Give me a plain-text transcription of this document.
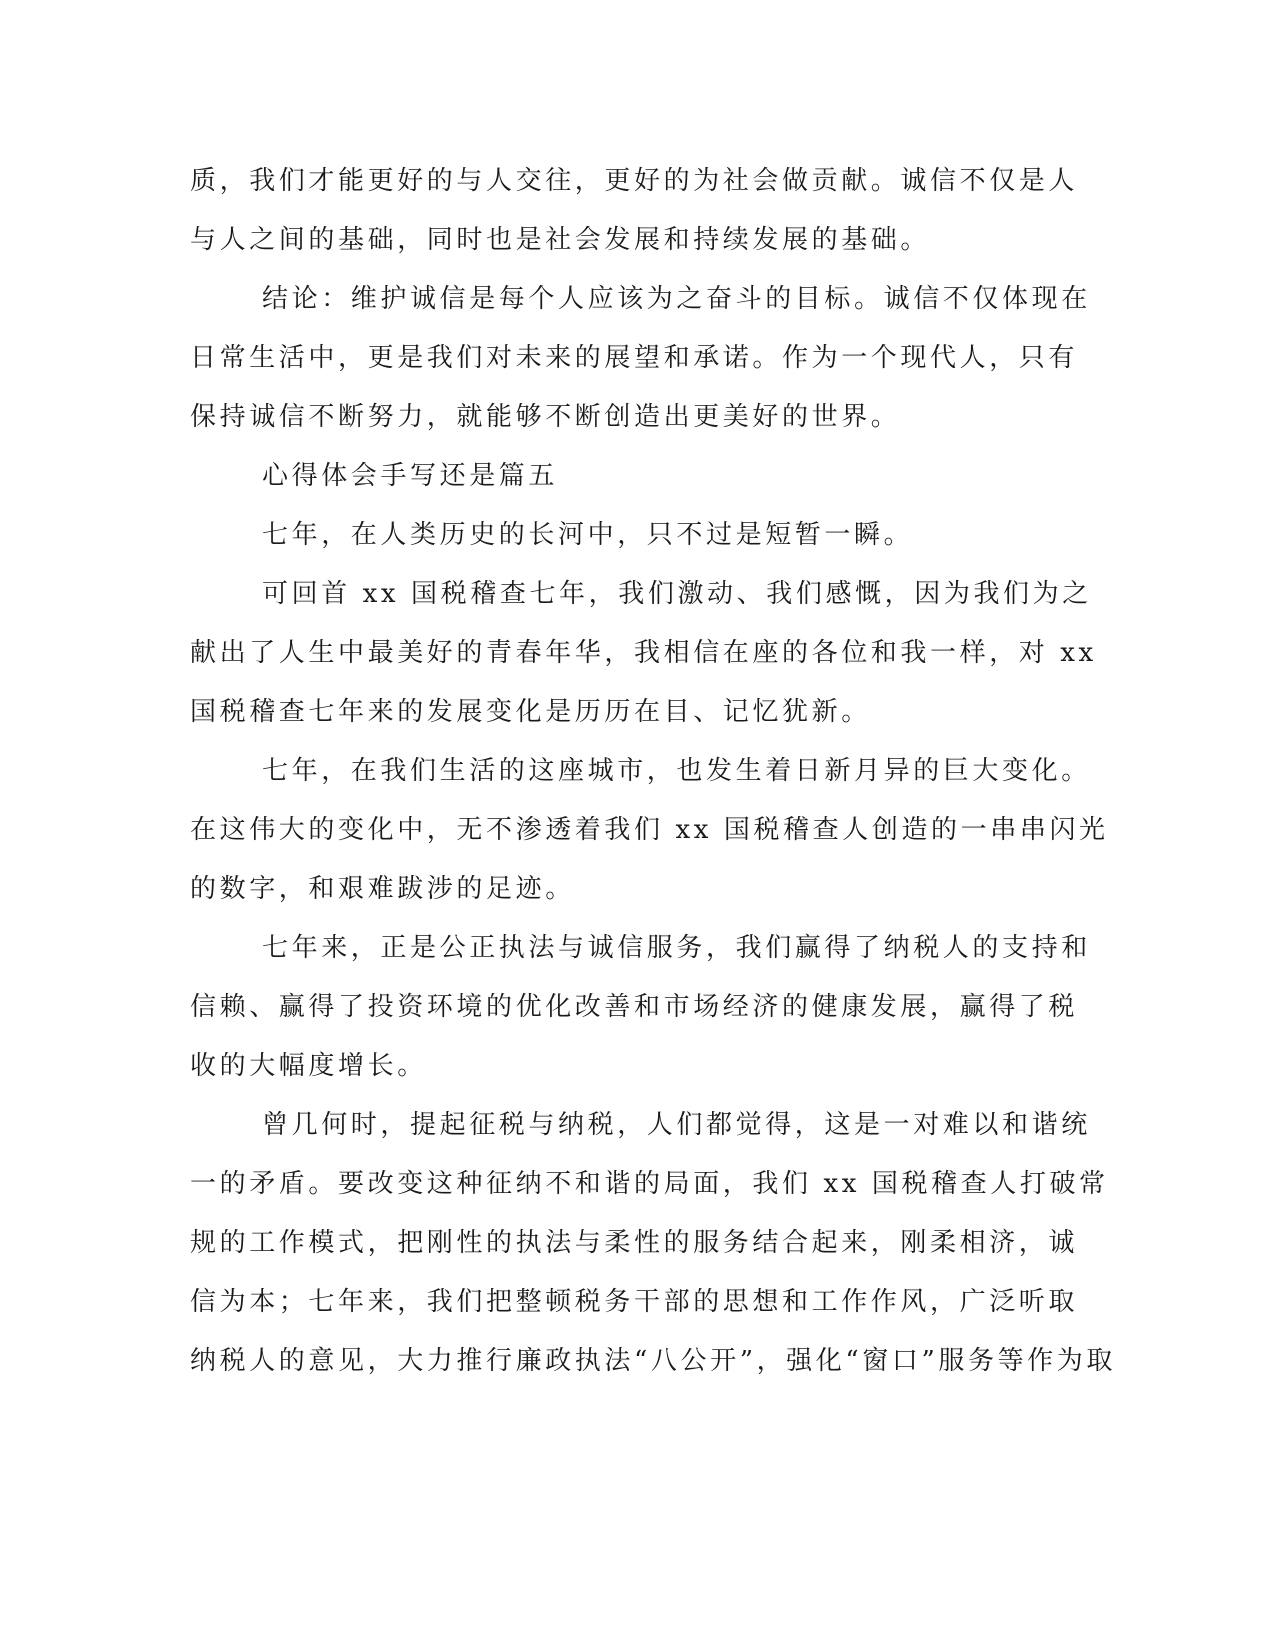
质，我们才能更好的与人交往，更好的为社会做贡献。诚信不仅是人
与人之间的基础，同时也是社会发展和持续发展的基础。
结论：维护诚信是每个人应该为之奋斗的目标。诚信不仅体现在
日常生活中，更是我们对未来的展望和承诺。作为一个现代人，只有
保持诚信不断努力，就能够不断创造出更美好的世界。
心得体会手写还是篇五
七年，在人类历史的长河中，只不过是短暂一瞬。
可回首 xx 国税稽查七年，我们激动、我们感慨，因为我们为之
献出了人生中最美好的青春年华，我相信在座的各位和我一样，对 xx
国税稽查七年来的发展变化是历历在目、记忆犹新。
七年，在我们生活的这座城市，也发生着日新月异的巨大变化。
在这伟大的变化中，无不渗透着我们 xx 国税稽查人创造的一串串闪光
的数字，和艰难跋涉的足迹。
七年来，正是公正执法与诚信服务，我们赢得了纳税人的支持和
信赖、赢得了投资环境的优化改善和市场经济的健康发展，赢得了税
收的大幅度增长。
曾几何时，提起征税与纳税，人们都觉得，这是一对难以和谐统
一的矛盾。要改变这种征纳不和谐的局面，我们 xx 国税稽查人打破常
规的工作模式，把刚性的执法与柔性的服务结合起来，刚柔相济，诚
信为本；七年来，我们把整顿税务干部的思想和工作作风，广泛听取
纳税人的意见，大力推行廉政执法“八公开”，强化“窗口”服务等作为取
